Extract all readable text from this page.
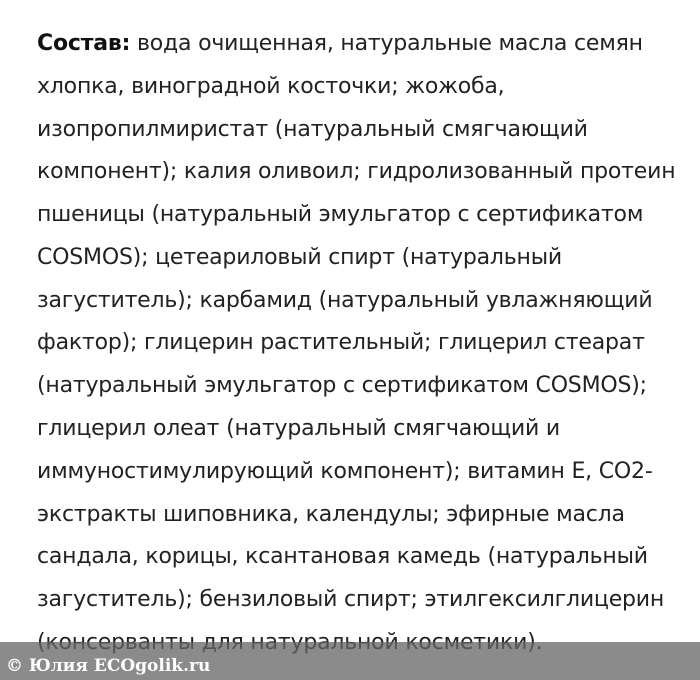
Состав: вода очищенная, натуральные масла семян
хлопка, виноградной косточки; жожоба,
изопропилмиристат (натуральный смягчающий
компонент); калия оливоил; гидролизованный протеин
пшеницы (натуральный эмульгатор с сертификатом
COSMOS); цетеариловый спирт (натуральный
загуститель); карбамид (натуральный увлажняющий
фактор); глицерин растительный; глицерил стеарат
(натуральный эмульгатор с сертификатом COSMOS);
глицерил олеат (натуральный смягчающий и
иммуностимулирующий компонент); витамин Е, СО2-
экстракты шиповника, календулы; эфирные масла
сандала, корицы, ксантановая камедь (натуральный
загуститель); бензиловый спирт; этилгексилглицерин
© Юлия ECOgolik.ru
